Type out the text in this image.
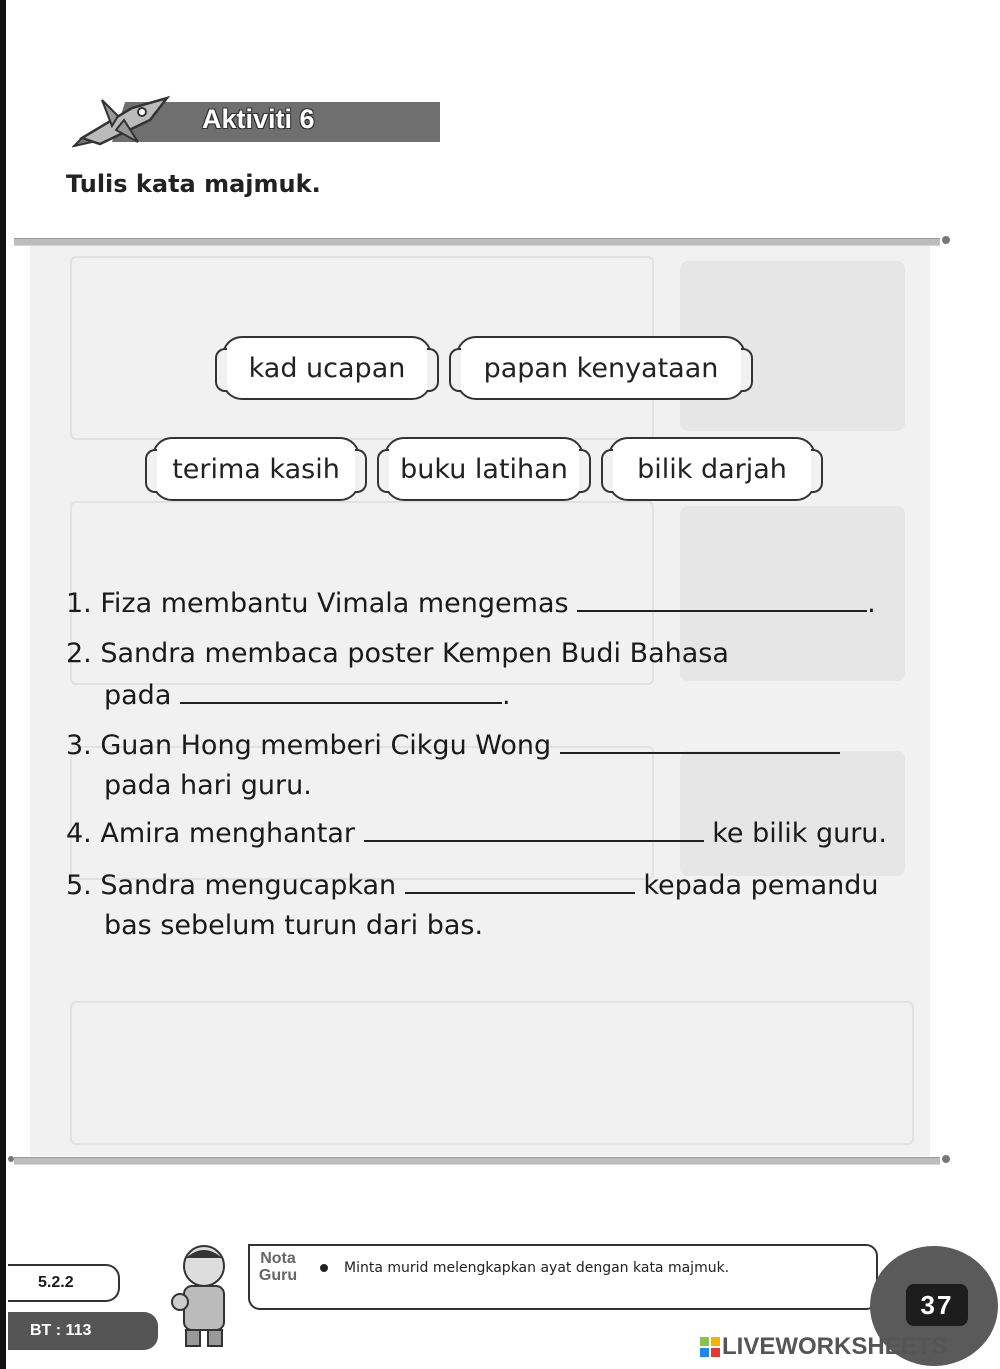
Aktiviti 6
Tulis kata majmuk.
kad ucapan	papan kenyataan
terima kasih	buku latihan	bilik darjah
1. Fiza membantu Vimala mengemas	.
2. Sandra membaca poster Kempen Budi Bahasa
pada	.
3. Guan Hong memberi Cikgu Wong
pada hari guru.
4. Amira menghantar	ke bilik guru.
5. Sandra mengucapkan	kepada pemandu
bas sebelum turun dari bas.
5.2.2
BT : 113
Nota
Guru	Minta murid melengkapkan ayat dengan kata majmuk.
37
LIVEWORKSHEETS
